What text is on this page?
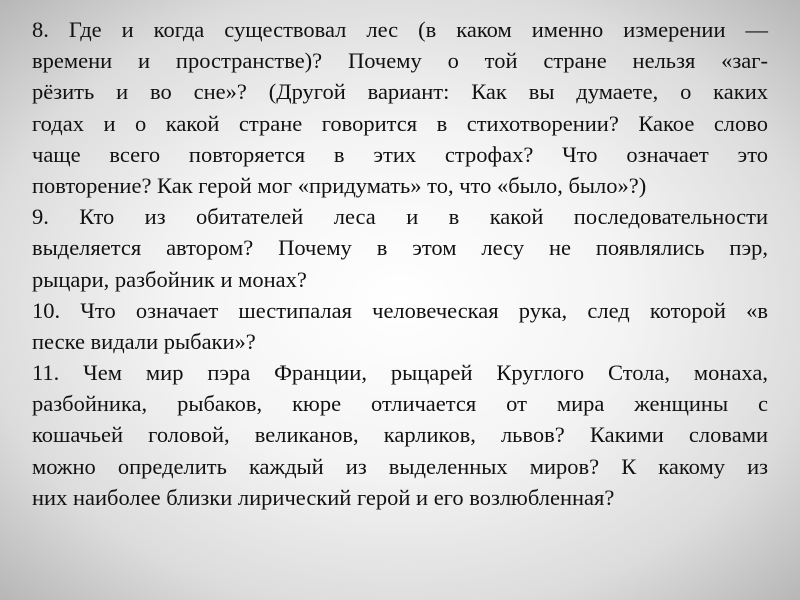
8. Где и когда существовал лес (в каком именно измерении —
времени и пространстве)? Почему о той стране нельзя «заг-
рёзить и во сне»? (Другой вариант: Как вы думаете, о каких
годах и о какой стране говорится в стихотворении? Какое слово
чаще всего повторяется в этих строфах? Что означает это
повторение? Как герой мог «придумать» то, что «было, было»?)
9. Кто из обитателей леса и в какой последовательности
выделяется автором? Почему в этом лесу не появлялись пэр,
рыцари, разбойник и монах?
10. Что означает шестипалая человеческая рука, след которой «в
песке видали рыбаки»?
11. Чем мир пэра Франции, рыцарей Круглого Стола, монаха,
разбойника, рыбаков, кюре отличается от мира женщины с
кошачьей головой, великанов, карликов, львов? Какими словами
можно определить каждый из выделенных миров? К какому из
них наиболее близки лирический герой и его возлюбленная?
